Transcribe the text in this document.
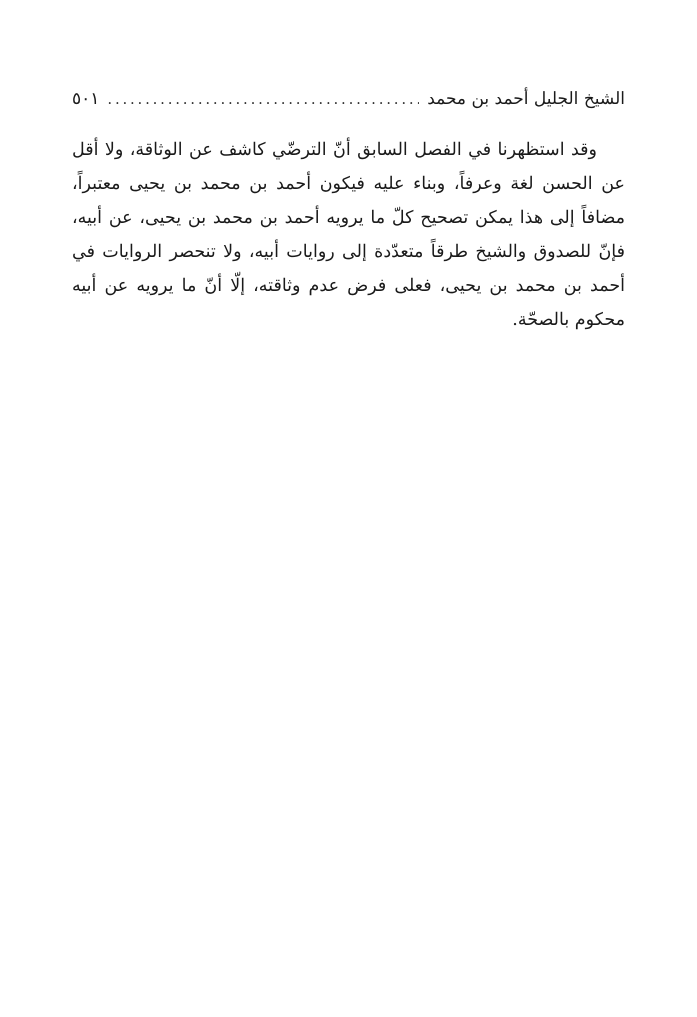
الشيخ الجليل أحمد بن محمد
. . .
٥٠١
وقد استظهرنا في الفصل السابق أنّ الترضّي كاشف عن الوثاقة، ولا أقل
عن الحسن لغة وعرفاً، وبناء عليه فيكون أحمد بن محمد بن يحيى معتبراً،
مضافاً إلى هذا يمكن تصحيح كلّ ما يرويه أحمد بن محمد بن يحيى، عن أبيه،
فإنّ للصدوق والشيخ طرقاً متعدّدة إلى روايات أبيه، ولا تنحصر الروايات في
أحمد بن محمد بن يحيى، فعلى فرض عدم وثاقته، إلّا أنّ ما يرويه عن أبيه
محكوم بالصحّة.
